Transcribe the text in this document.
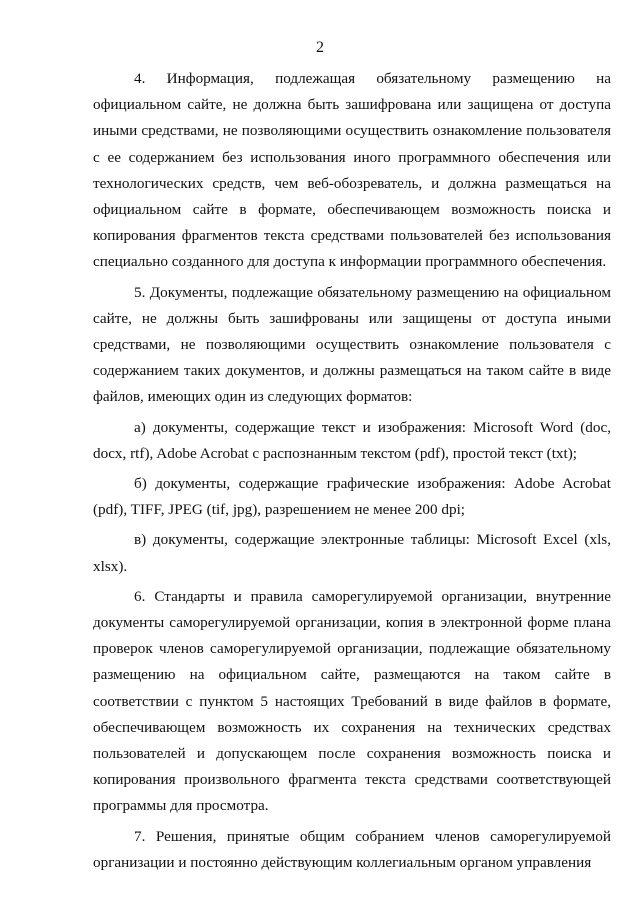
2

4. Информация, подлежащая обязательному размещению на официальном сайте, не должна быть зашифрована или защищена от доступа иными средствами, не позволяющими осуществить ознакомление пользователя с ее содержанием без использования иного программного обеспечения или технологических средств, чем веб-обозреватель, и должна размещаться на официальном сайте в формате, обеспечивающем возможность поиска и копирования фрагментов текста средствами пользователей без использования специально созданного для доступа к информации программного обеспечения.

5. Документы, подлежащие обязательному размещению на официальном сайте, не должны быть зашифрованы или защищены от доступа иными средствами, не позволяющими осуществить ознакомление пользователя с содержанием таких документов, и должны размещаться на таком сайте в виде файлов, имеющих один из следующих форматов:

а) документы, содержащие текст и изображения: Microsoft Word (doc, docx, rtf), Adobe Acrobat с распознанным текстом (pdf), простой текст (txt);

б) документы, содержащие графические изображения: Adobe Acrobat (pdf), TIFF, JPEG (tif, jpg), разрешением не менее 200 dpi;

в) документы, содержащие электронные таблицы: Microsoft Excel (xls, xlsx).

6. Стандарты и правила саморегулируемой организации, внутренние документы саморегулируемой организации, копия в электронной форме плана проверок членов саморегулируемой организации, подлежащие обязательному размещению на официальном сайте, размещаются на таком сайте в соответствии с пунктом 5 настоящих Требований в виде файлов в формате, обеспечивающем возможность их сохранения на технических средствах пользователей и допускающем после сохранения возможность поиска и копирования произвольного фрагмента текста средствами соответствующей программы для просмотра.

7. Решения, принятые общим собранием членов саморегулируемой организации и постоянно действующим коллегиальным органом управления
